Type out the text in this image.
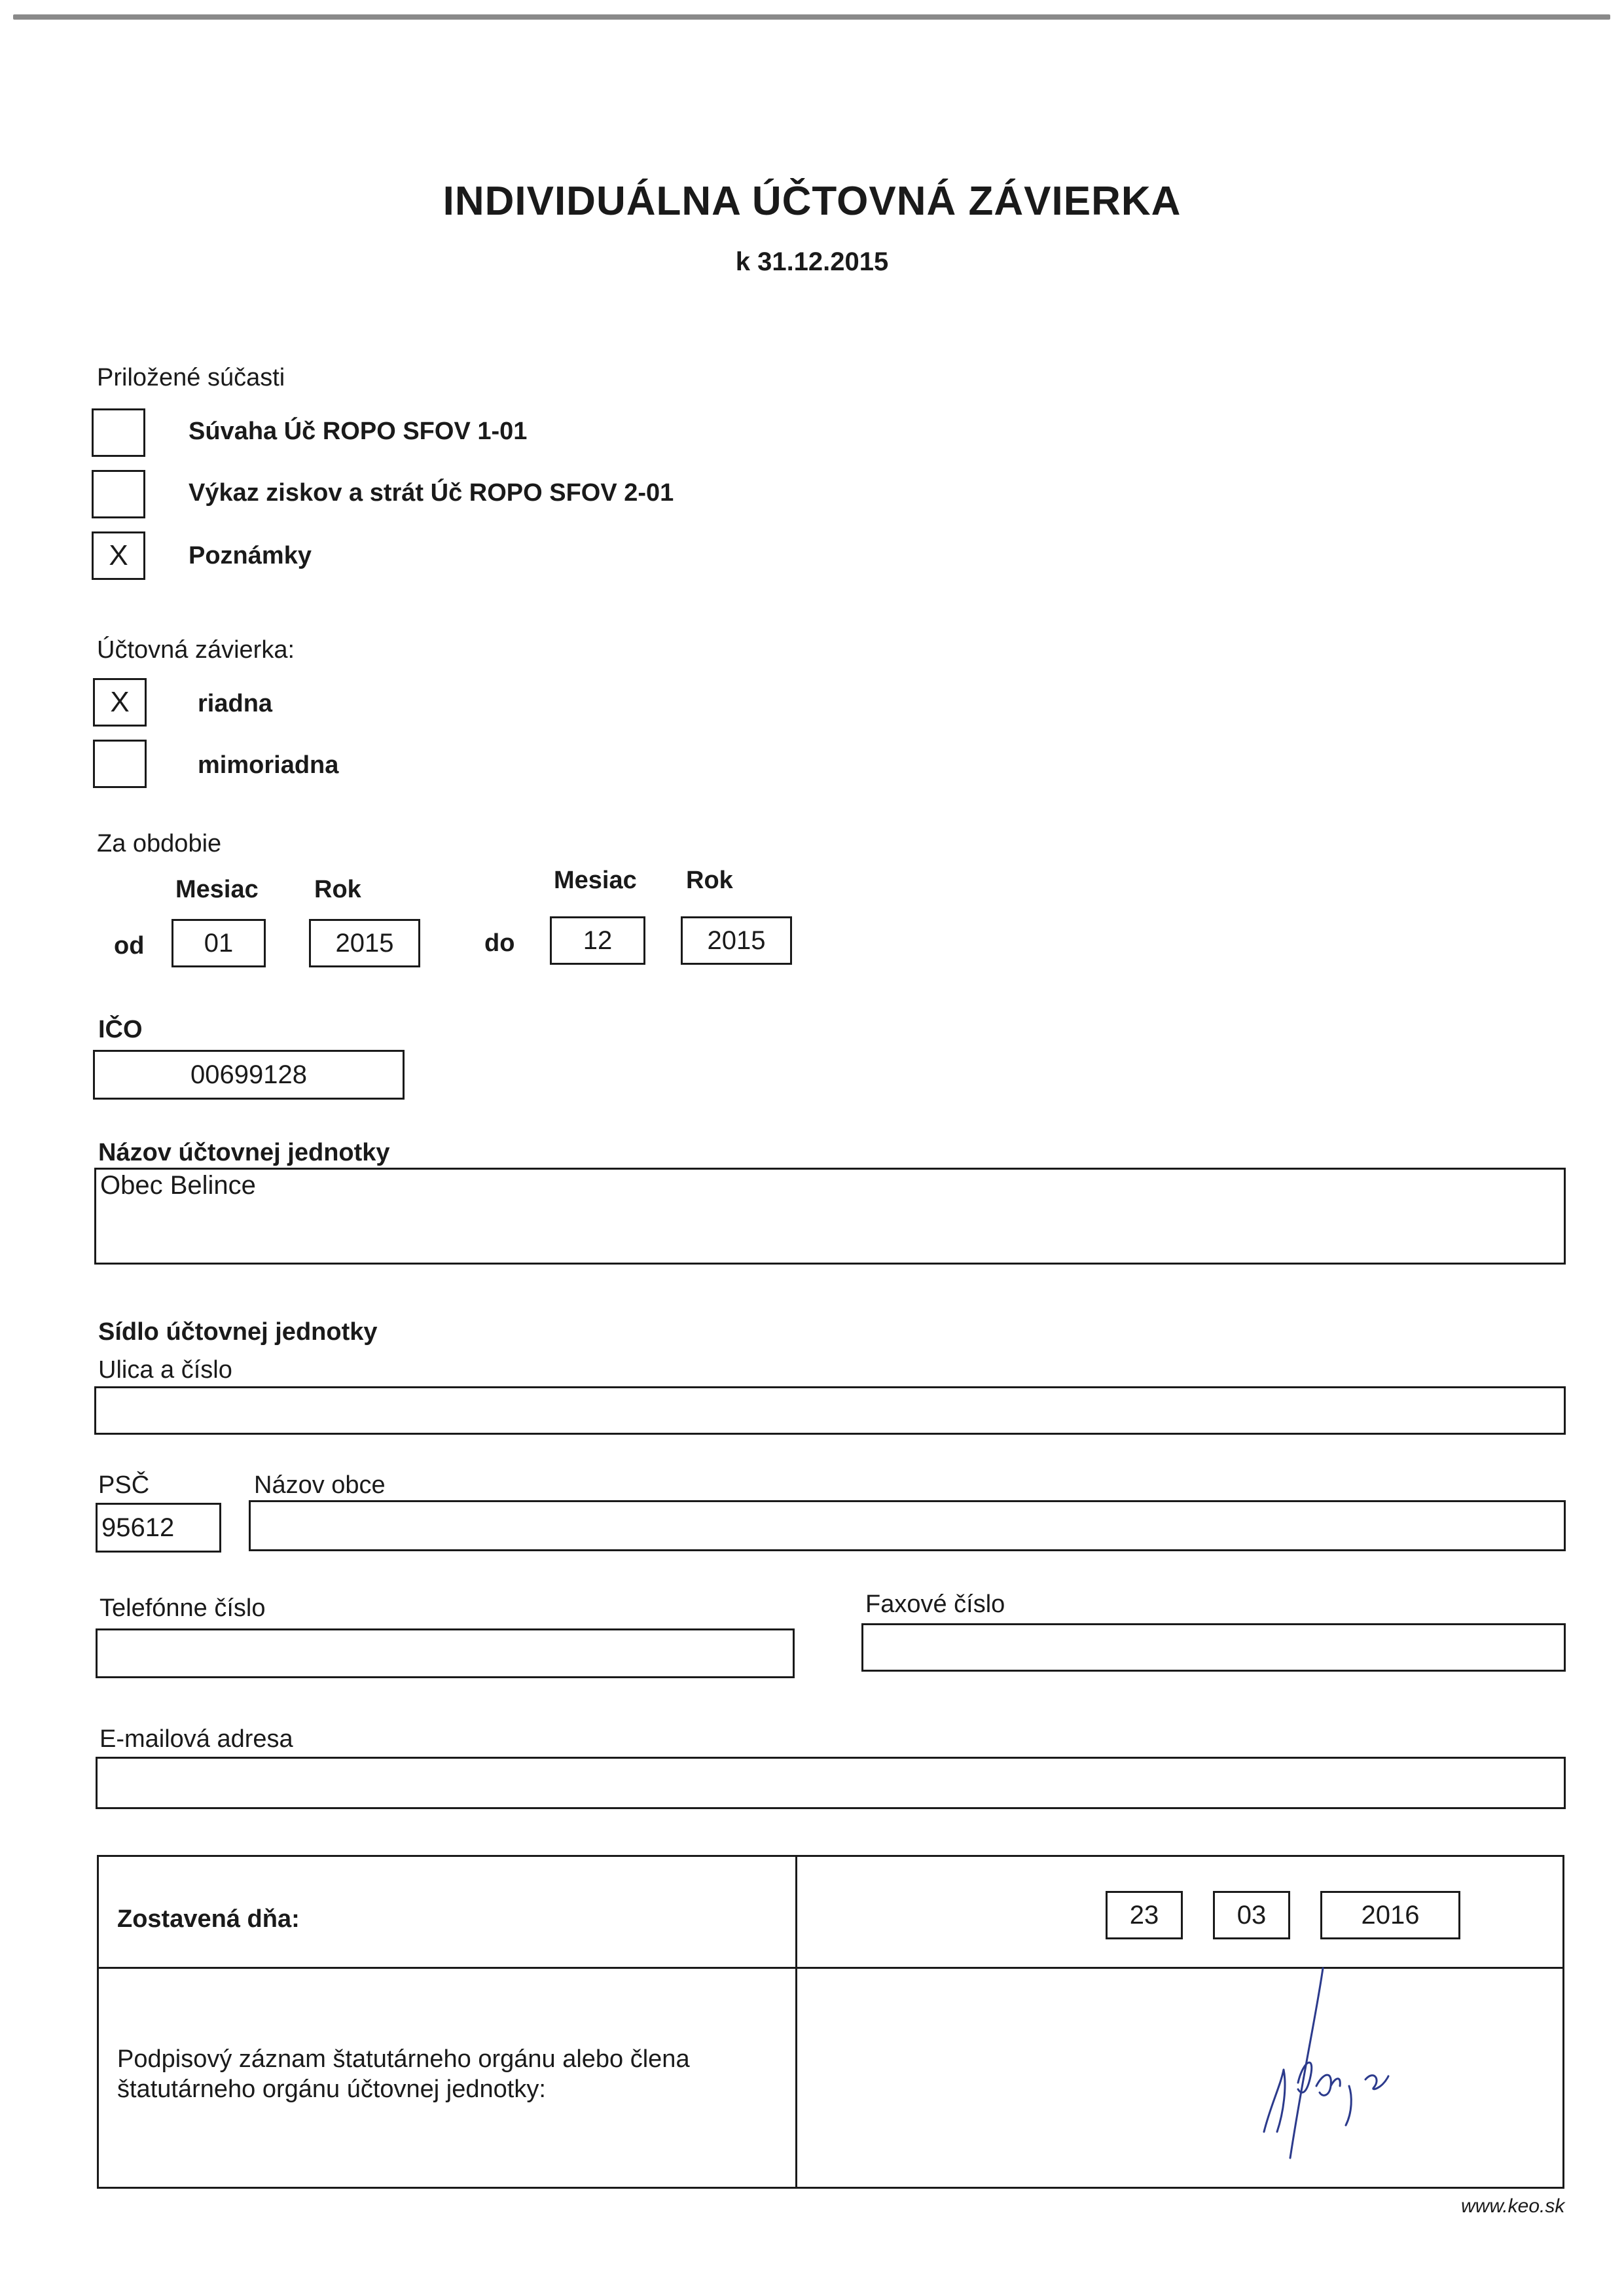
INDIVIDUÁLNA ÚČTOVNÁ ZÁVIERKA
k 31.12.2015
Priložené súčasti
Súvaha Úč ROPO SFOV 1-01
Výkaz ziskov a strát Úč ROPO SFOV 2-01
X	Poznámky
Účtovná závierka:
X	riadna
mimoriadna
Za obdobie
Mesiac Rok	Mesiac Rok
od	01	2015	do	12	2015
IČO
00699128
Názov účtovnej jednotky
Obec Belince
Sídlo účtovnej jednotky
Ulica a číslo
PSČ
95612
Názov obce
Telefónne číslo	Faxové číslo
E-mailová adresa
Zostavená dňa:	23	03	2016
Podpisový záznam štatutárneho orgánu alebo člena
štatutárneho orgánu účtovnej jednotky:
www.keo.sk
